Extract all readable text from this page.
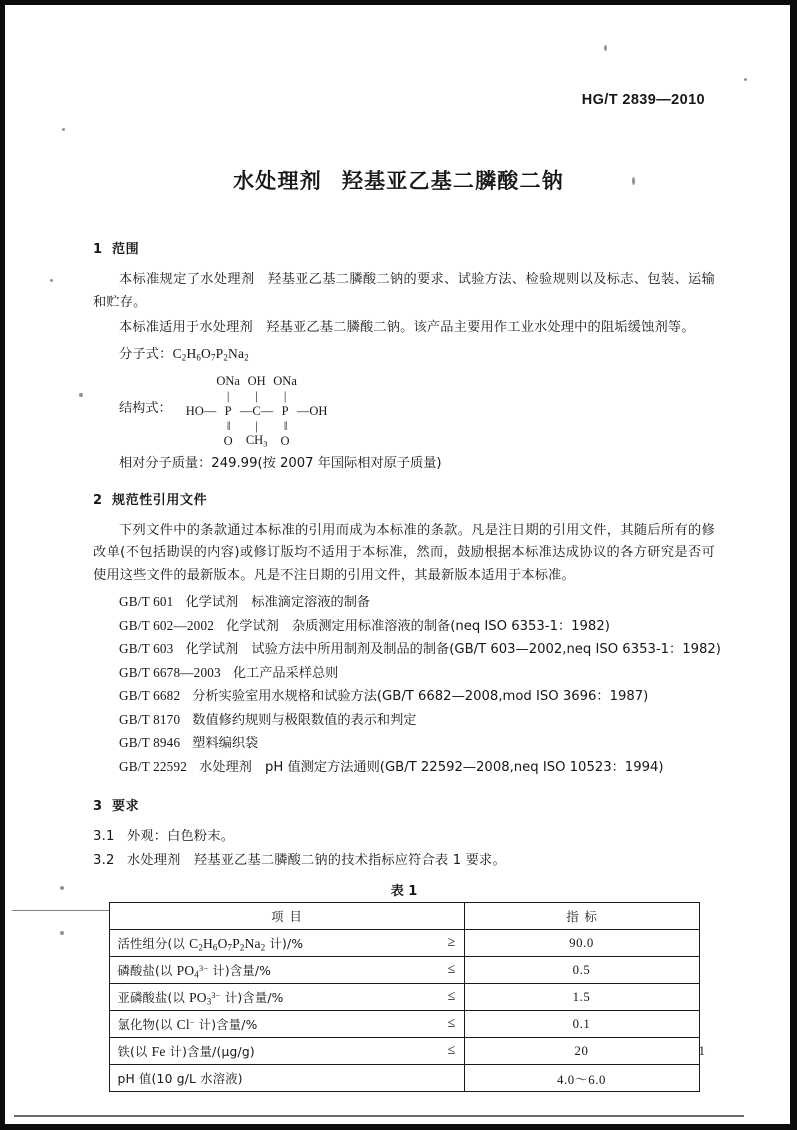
HG/T 2839—2010
水处理剂 羟基亚乙基二膦酸二钠
1 范围

本标准规定了水处理剂　羟基亚乙基二膦酸二钠的要求、试验方法、检验规则以及标志、包装、运输和贮存。

本标准适用于水处理剂　羟基亚乙基二膦酸二钠。该产品主要用作工业水处理中的阻垢缓蚀剂等。

分子式：$C_2H_6O_7P_2Na_2$
结构式：
	ONa	OH	ONa	
	|	|	|	
HO—	P	—C—	P	—OH
	‖	|	‖	
	O	$CH_3$	O	
相对分子质量：249.99(按 2007 年国际相对原子质量)
2 规范性引用文件

下列文件中的条款通过本标准的引用而成为本标准的条款。凡是注日期的引用文件，其随后所有的修改单(不包括勘误的内容)或修订版均不适用于本标准，然而，鼓励根据本标准达成协议的各方研究是否可使用这些文件的最新版本。凡是不注日期的引用文件，其最新版本适用于本标准。

GB/T 601 化学试剂　标准滴定溶液的制备
GB/T 602—2002 化学试剂　杂质测定用标准溶液的制备(neq ISO 6353-1：1982)
GB/T 603 化学试剂　试验方法中所用制剂及制品的制备(GB/T 603—2002,neq ISO 6353-1：1982)
GB/T 6678—2003 化工产品采样总则
GB/T 6682 分析实验室用水规格和试验方法(GB/T 6682—2008,mod ISO 3696：1987)
GB/T 8170 数值修约规则与极限数值的表示和判定
GB/T 8946 塑料编织袋
GB/T 22592 水处理剂　pH 值测定方法通则(GB/T 22592—2008,neq ISO 10523：1994)
3 要求

3.1 外观：白色粉末。

3.2 水处理剂　羟基亚乙基二膦酸二钠的技术指标应符合表 1 要求。

表 1
项目	指标
活性组分(以 $C_2H_6O_7P_2Na_2$ 计)/% ≥	90.0
磷酸盐(以 $PO_4^{3-}$ 计)含量/% ≤	0.5
亚磷酸盐(以 $PO_3^{3-}$ 计)含量/% ≤	1.5
氯化物(以 Cl− 计)含量/% ≤	0.1
铁(以 Fe 计)含量/(μg/g) ≤	20
pH 值(10 g/L 水溶液)	4.0～6.0
1
